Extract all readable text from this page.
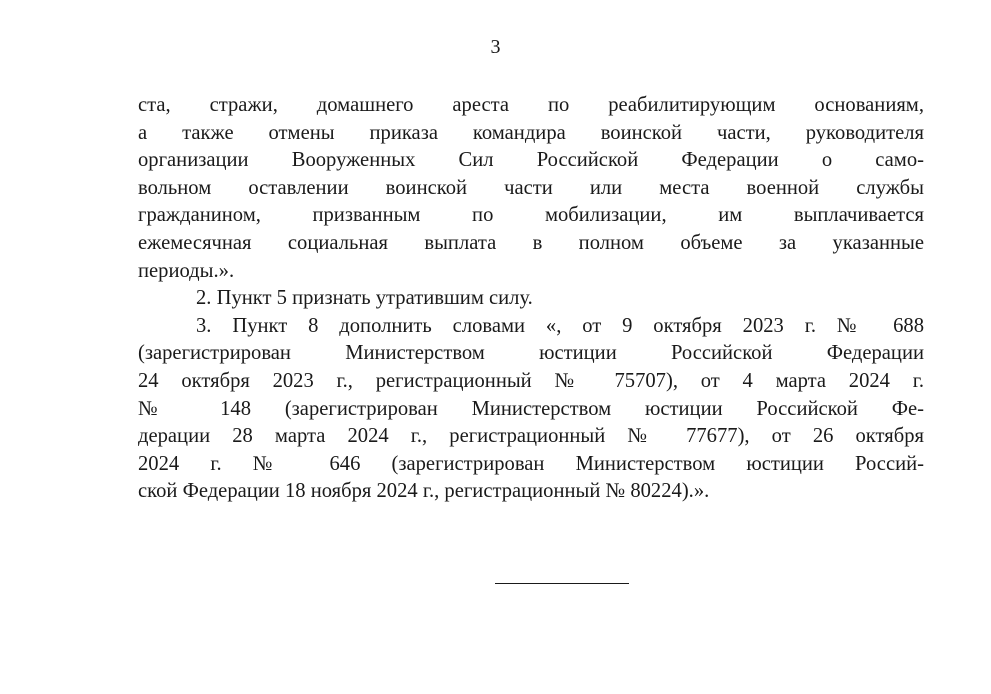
3
ста, стражи, домашнего ареста по реабилитирующим основаниям,
а также отмены приказа командира воинской части, руководителя
организации Вооруженных Сил Российской Федерации о само-
вольном оставлении воинской части или места военной службы
гражданином, призванным по мобилизации, им выплачивается
ежемесячная социальная выплата в полном объеме за указанные
периоды.».
2. Пункт 5 признать утратившим силу.
3. Пункт 8 дополнить словами «, от 9 октября 2023 г. № 688
(зарегистрирован Министерством юстиции Российской Федерации
24 октября 2023 г., регистрационный № 75707), от 4 марта 2024 г.
№ 148 (зарегистрирован Министерством юстиции Российской Фе-
дерации 28 марта 2024 г., регистрационный № 77677), от 26 октября
2024 г. № 646 (зарегистрирован Министерством юстиции Россий-
ской Федерации 18 ноября 2024 г., регистрационный № 80224).».
